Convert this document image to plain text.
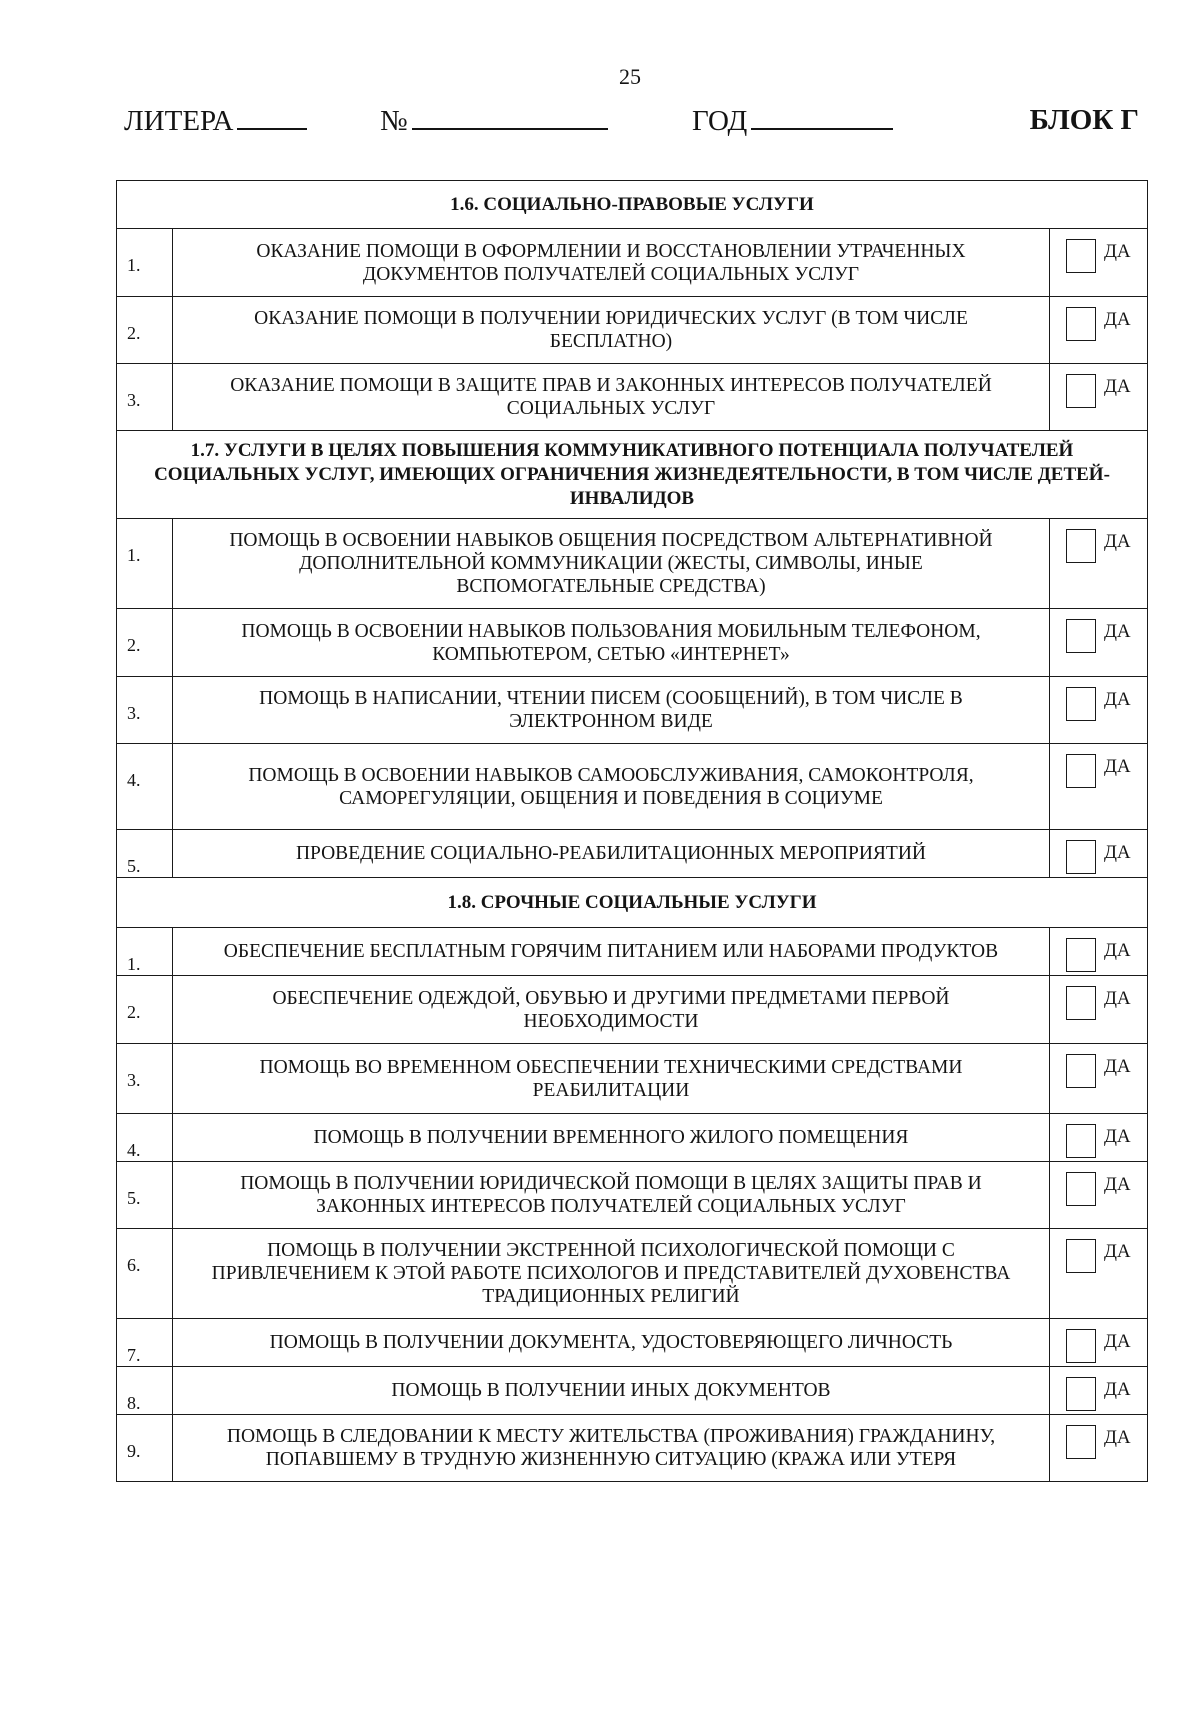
25
ЛИТЕРА	№	ГОД	БЛОК Г
1.6. СОЦИАЛЬНО-ПРАВОВЫЕ УСЛУГИ		
1.	ОКАЗАНИЕ ПОМОЩИ В ОФОРМЛЕНИИ И ВОССТАНОВЛЕНИИ УТРАЧЕННЫХ ДОКУМЕНТОВ ПОЛУЧАТЕЛЕЙ СОЦИАЛЬНЫХ УСЛУГ	ДА
2.	ОКАЗАНИЕ ПОМОЩИ В ПОЛУЧЕНИИ ЮРИДИЧЕСКИХ УСЛУГ (В ТОМ ЧИСЛЕ БЕСПЛАТНО)	ДА
3.	ОКАЗАНИЕ ПОМОЩИ В ЗАЩИТЕ ПРАВ И ЗАКОННЫХ ИНТЕРЕСОВ ПОЛУЧАТЕЛЕЙ СОЦИАЛЬНЫХ УСЛУГ	ДА
1.7. УСЛУГИ В ЦЕЛЯХ ПОВЫШЕНИЯ КОММУНИКАТИВНОГО ПОТЕНЦИАЛА ПОЛУЧАТЕЛЕЙ СОЦИАЛЬНЫХ УСЛУГ, ИМЕЮЩИХ ОГРАНИЧЕНИЯ ЖИЗНЕДЕЯТЕЛЬНОСТИ, В ТОМ ЧИСЛЕ ДЕТЕЙ-ИНВАЛИДОВ		
1.	ПОМОЩЬ В ОСВОЕНИИ НАВЫКОВ ОБЩЕНИЯ ПОСРЕДСТВОМ АЛЬТЕРНАТИВНОЙ ДОПОЛНИТЕЛЬНОЙ КОММУНИКАЦИИ (ЖЕСТЫ, СИМВОЛЫ, ИНЫЕ ВСПОМОГАТЕЛЬНЫЕ СРЕДСТВА)	ДА
2.	ПОМОЩЬ В ОСВОЕНИИ НАВЫКОВ ПОЛЬЗОВАНИЯ МОБИЛЬНЫМ ТЕЛЕФОНОМ, КОМПЬЮТЕРОМ, СЕТЬЮ «ИНТЕРНЕТ»	ДА
3.	ПОМОЩЬ В НАПИСАНИИ, ЧТЕНИИ ПИСЕМ (СООБЩЕНИЙ), В ТОМ ЧИСЛЕ В ЭЛЕКТРОННОМ ВИДЕ	ДА
4.	ПОМОЩЬ В ОСВОЕНИИ НАВЫКОВ САМООБСЛУЖИВАНИЯ, САМОКОНТРОЛЯ, САМОРЕГУЛЯЦИИ, ОБЩЕНИЯ И ПОВЕДЕНИЯ В СОЦИУМЕ	ДА
5.	ПРОВЕДЕНИЕ СОЦИАЛЬНО-РЕАБИЛИТАЦИОННЫХ МЕРОПРИЯТИЙ	ДА
1.8. СРОЧНЫЕ СОЦИАЛЬНЫЕ УСЛУГИ		
1.	ОБЕСПЕЧЕНИЕ БЕСПЛАТНЫМ ГОРЯЧИМ ПИТАНИЕМ ИЛИ НАБОРАМИ ПРОДУКТОВ	ДА
2.	ОБЕСПЕЧЕНИЕ ОДЕЖДОЙ, ОБУВЬЮ И ДРУГИМИ ПРЕДМЕТАМИ ПЕРВОЙ НЕОБХОДИМОСТИ	ДА
3.	ПОМОЩЬ ВО ВРЕМЕННОМ ОБЕСПЕЧЕНИИ ТЕХНИЧЕСКИМИ СРЕДСТВАМИ РЕАБИЛИТАЦИИ	ДА
4.	ПОМОЩЬ В ПОЛУЧЕНИИ ВРЕМЕННОГО ЖИЛОГО ПОМЕЩЕНИЯ	ДА
5.	ПОМОЩЬ В ПОЛУЧЕНИИ ЮРИДИЧЕСКОЙ ПОМОЩИ В ЦЕЛЯХ ЗАЩИТЫ ПРАВ И ЗАКОННЫХ ИНТЕРЕСОВ ПОЛУЧАТЕЛЕЙ СОЦИАЛЬНЫХ УСЛУГ	ДА
6.	ПОМОЩЬ В ПОЛУЧЕНИИ ЭКСТРЕННОЙ ПСИХОЛОГИЧЕСКОЙ ПОМОЩИ С ПРИВЛЕЧЕНИЕМ К ЭТОЙ РАБОТЕ ПСИХОЛОГОВ И ПРЕДСТАВИТЕЛЕЙ ДУХОВЕНСТВА ТРАДИЦИОННЫХ РЕЛИГИЙ	ДА
7.	ПОМОЩЬ В ПОЛУЧЕНИИ ДОКУМЕНТА, УДОСТОВЕРЯЮЩЕГО ЛИЧНОСТЬ	ДА
8.	ПОМОЩЬ В ПОЛУЧЕНИИ ИНЫХ ДОКУМЕНТОВ	ДА
9.	ПОМОЩЬ В СЛЕДОВАНИИ К МЕСТУ ЖИТЕЛЬСТВА (ПРОЖИВАНИЯ) ГРАЖДАНИНУ, ПОПАВШЕМУ В ТРУДНУЮ ЖИЗНЕННУЮ СИТУАЦИЮ (КРАЖА ИЛИ УТЕРЯ	ДА
